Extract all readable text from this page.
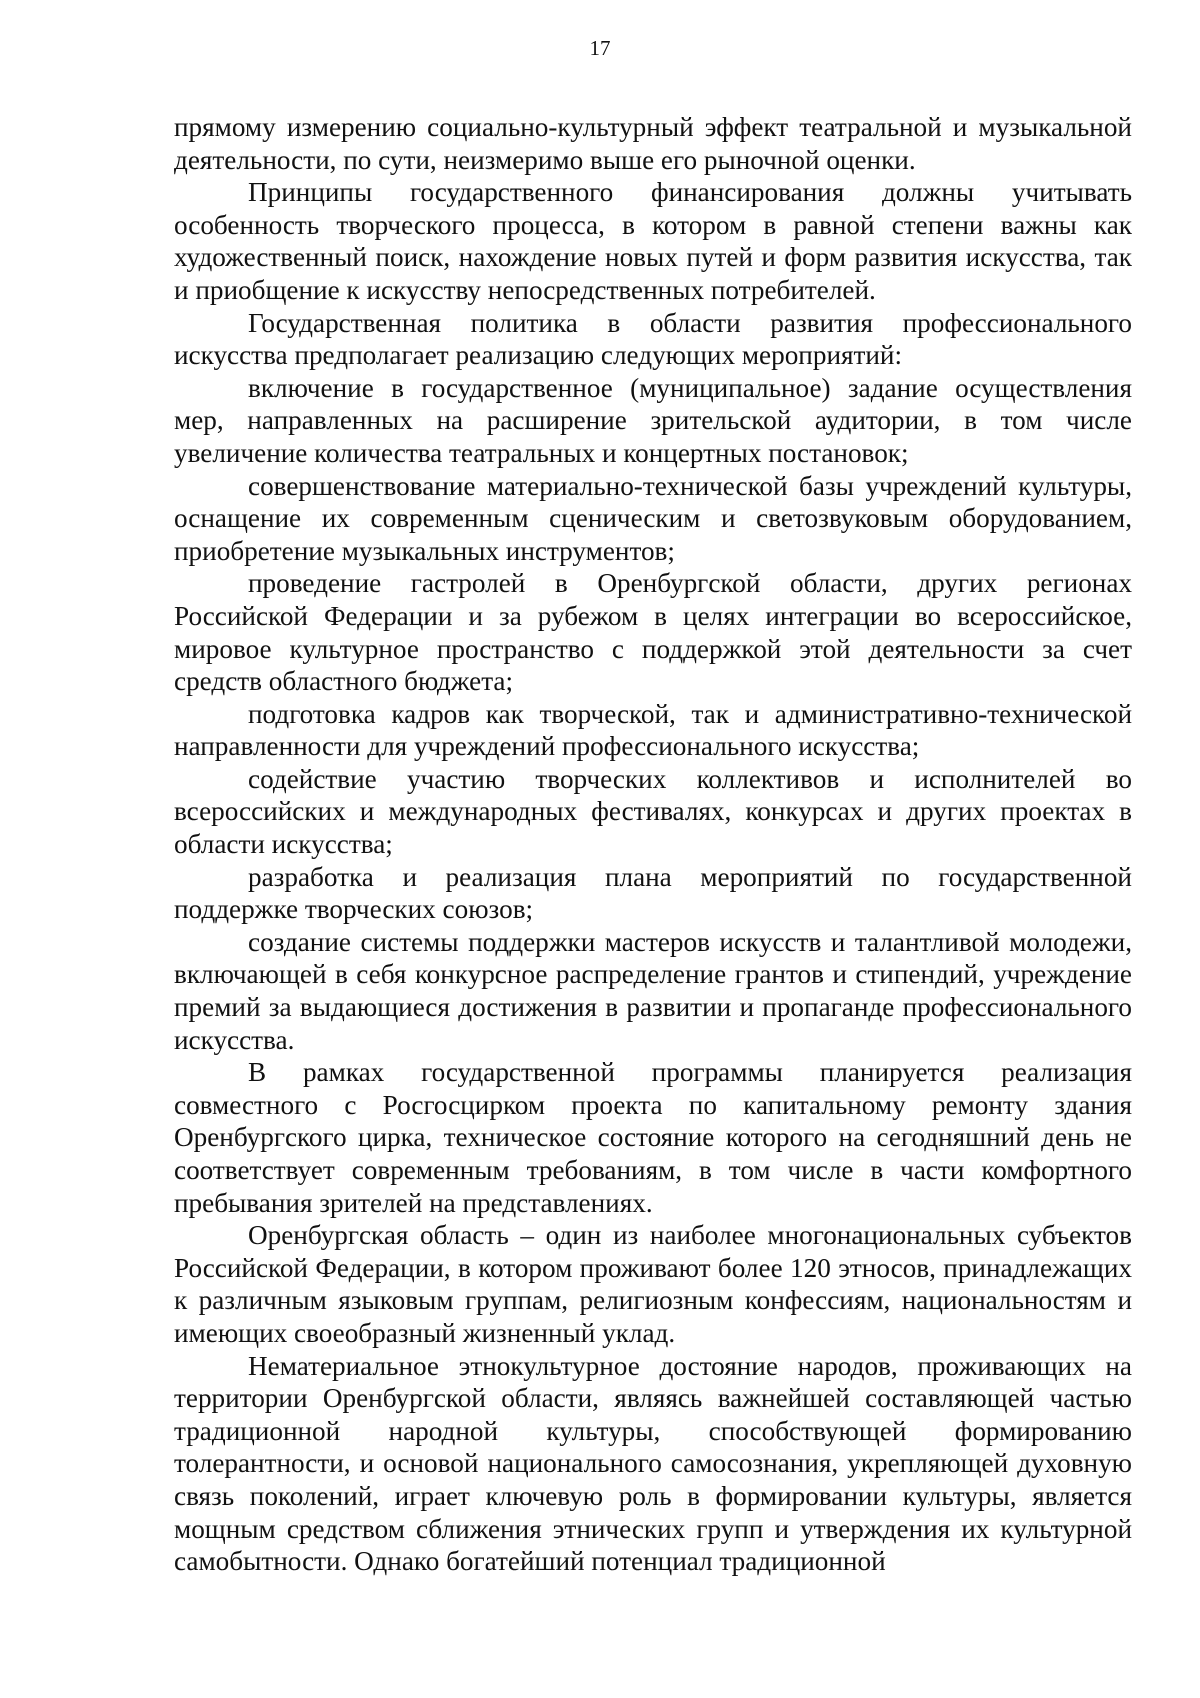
17

прямому измерению социально-культурный эффект театральной и музыкальной деятельности, по сути, неизмеримо выше его рыночной оценки.

Принципы государственного финансирования должны учитывать особенность творческого процесса, в котором в равной степени важны как художественный поиск, нахождение новых путей и форм развития искусства, так и приобщение к искусству непосредственных потребителей.

Государственная политика в области развития профессионального искусства предполагает реализацию следующих мероприятий:

включение в государственное (муниципальное) задание осуществления мер, направленных на расширение зрительской аудитории, в том числе увеличение количества театральных и концертных постановок;

совершенствование материально-технической базы учреждений культуры, оснащение их современным сценическим и светозвуковым оборудованием, приобретение музыкальных инструментов;

проведение гастролей в Оренбургской области, других регионах Российской Федерации и за рубежом в целях интеграции во всероссийское, мировое культурное пространство с поддержкой этой деятельности за счет средств областного бюджета;

подготовка кадров как творческой, так и административно-технической направленности для учреждений профессионального искусства;

содействие участию творческих коллективов и исполнителей во всероссийских и международных фестивалях, конкурсах и других проектах в области искусства;

разработка и реализация плана мероприятий по государственной поддержке творческих союзов;

создание системы поддержки мастеров искусств и талантливой молодежи, включающей в себя конкурсное распределение грантов и стипендий, учреждение премий за выдающиеся достижения в развитии и пропаганде профессионального искусства.

В рамках государственной программы планируется реализация совместного с Росгосцирком проекта по капитальному ремонту здания Оренбургского цирка, техническое состояние которого на сегодняшний день не соответствует современным требованиям, в том числе в части комфортного пребывания зрителей на представлениях.

Оренбургская область – один из наиболее многонациональных субъектов Российской Федерации, в котором проживают более 120 этносов, принадлежащих к различным языковым группам, религиозным конфессиям, национальностям и имеющих своеобразный жизненный уклад.

Нематериальное этнокультурное достояние народов, проживающих на территории Оренбургской области, являясь важнейшей составляющей частью традиционной народной культуры, способствующей формированию толерантности, и основой национального самосознания, укрепляющей духовную связь поколений, играет ключевую роль в формировании культуры, является мощным средством сближения этнических групп и утверждения их культурной самобытности. Однако богатейший потенциал традиционной
